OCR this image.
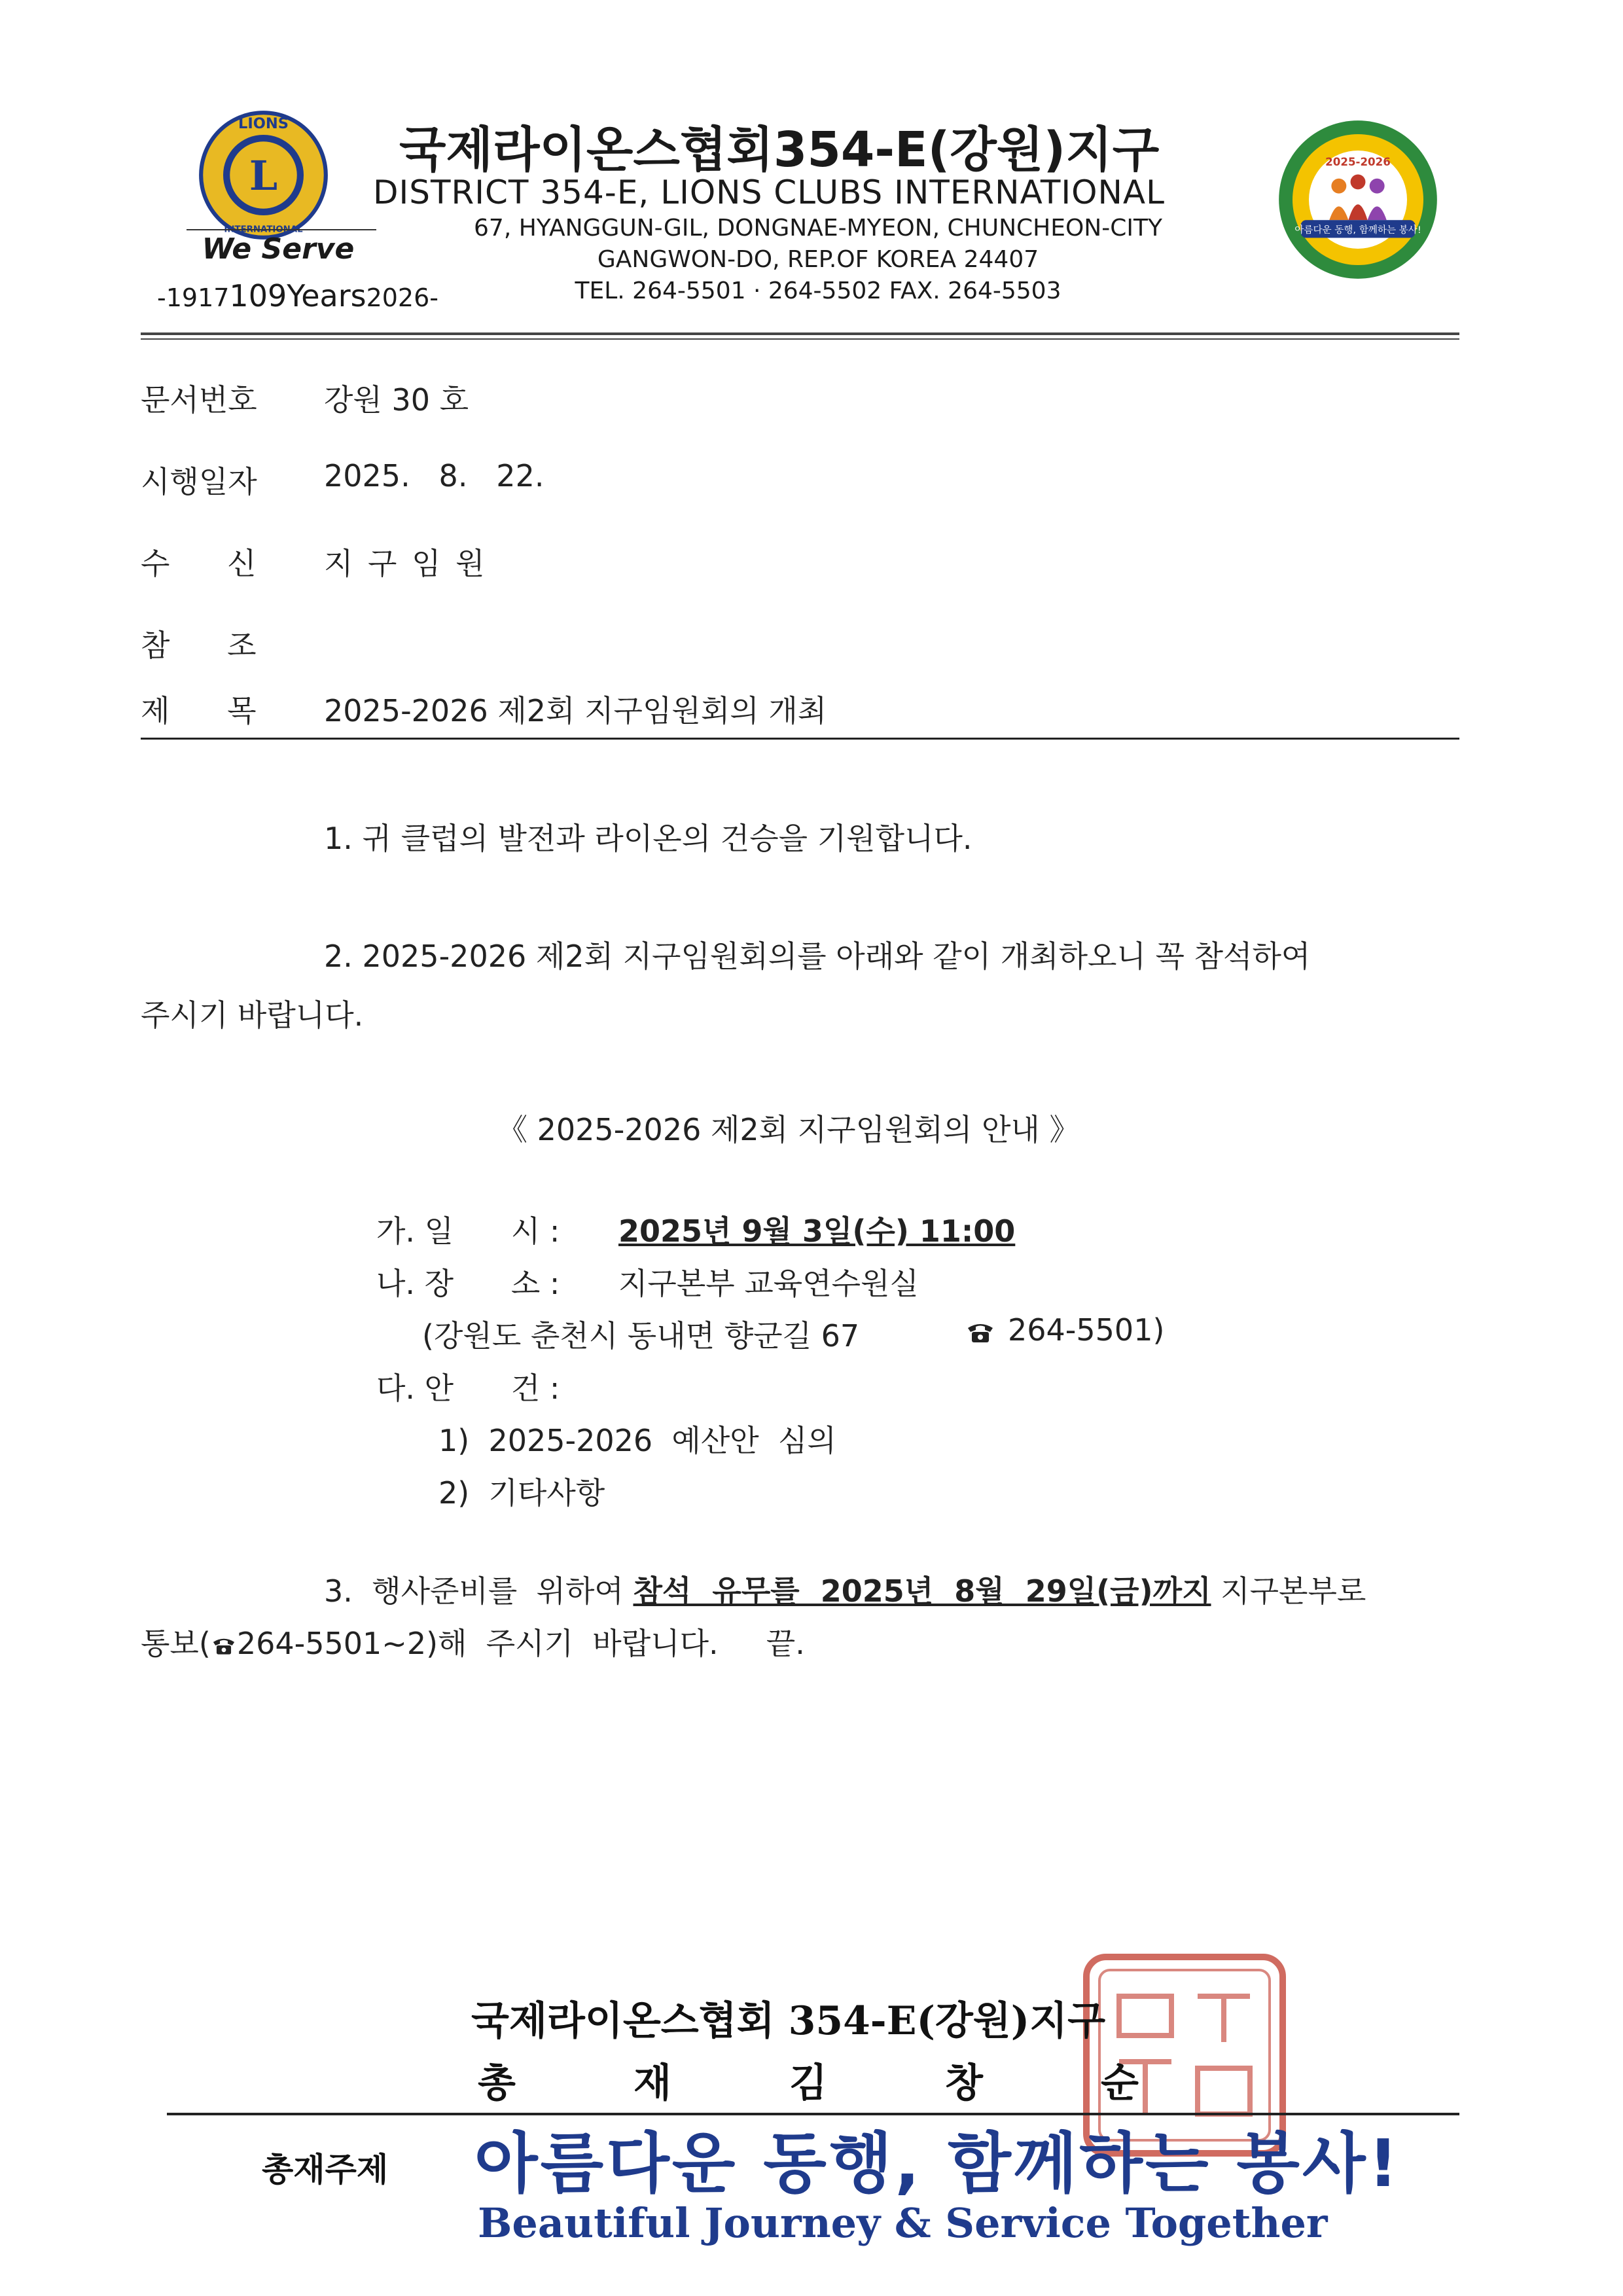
L
LIONS
We Serve
-1917109Years2026-
국제라이온스협회354-E(강원)지구
DISTRICT 354-E, LIONS CLUBS INTERNATIONAL
67, HYANGGUN-GIL, DONGNAE-MYEON, CHUNCHEON-CITY
GANGWON-DO, REP.OF KOREA 24407
TEL. 264-5501 · 264-5502 FAX. 264-5503
2025-2026
아름다운 동행, 함께하는 봉사!
문서번호 강원 30 호
시행일자 2025.   8.   22.
수      신 지 구 임 원
참      조
제      목 2025-2026 제2회 지구임원회의 개최
1. 귀 클럽의 발전과 라이온의 건승을 기원합니다.
2. 2025-2026 제2회 지구임원회의를 아래와 같이 개최하오니 꼭 참석하여
주시기 바랍니다.
《 2025-2026 제2회 지구임원회의 안내 》
가. 일      시 : 2025년 9월 3일(수) 11:00
나. 장      소 : 지구본부 교육연수원실
(강원도 춘천시 동내면 향군길 67	264-5501)
다. 안      건 :
1)  2025-2026  예산안  심의
2)  기타사항
3.  행사준비를  위하여 참석  유무를  2025년  8월  29일(금)까지 지구본부로
통보( 264-5501~2)해  주시기  바랍니다.     끝.
국제라이온스협회 354-E(강원)지구
총	재	김	창	순
총재주제 아름다운 동행, 함께하는 봉사!
Beautiful Journey & Service Together
